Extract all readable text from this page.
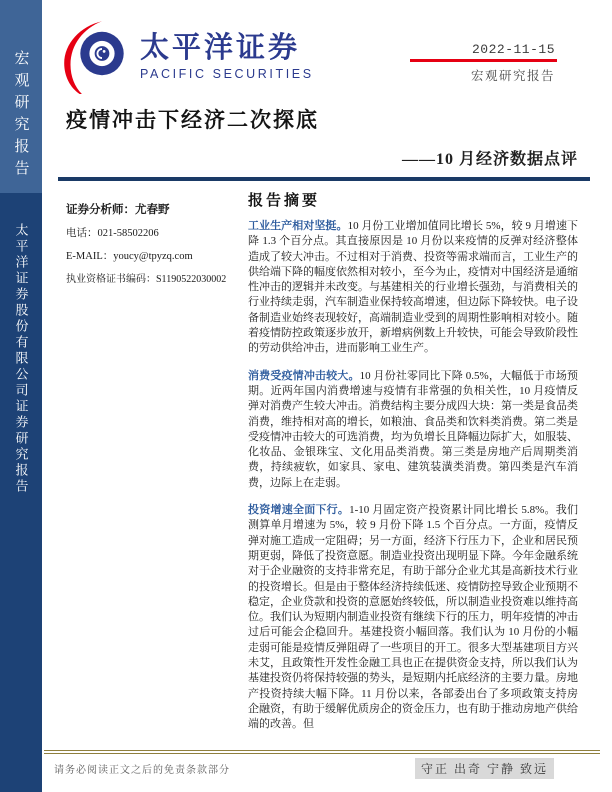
宏观研究报告
太平洋证券股份有限公司证券研究报告
太平洋证券
PACIFIC SECURITIES
2022-11-15
宏观研究报告
疫情冲击下经济二次探底
——10 月经济数据点评
证券分析师：尤春野
电话：021-58502206
E-MAIL：youcy@tpyzq.com
执业资格证书编码：S1190522030002
报告摘要

工业生产相对坚挺。10 月份工业增加值同比增长 5%，较 9 月增速下降 1.3 个百分点。其直接原因是 10 月份以来疫情的反弹对经济整体造成了较大冲击。不过相对于消费、投资等需求端而言，工业生产的供给端下降的幅度依然相对较小，至今为止，疫情对中国经济是通缩性冲击的逻辑并未改变。与基建相关的行业增长强劲，与消费相关的行业持续走弱，汽车制造业保持较高增速，但边际下降较快。电子设备制造业始终表现较好，高端制造业受到的周期性影响相对较小。随着疫情防控政策逐步放开，新增病例数上升较快，可能会导致阶段性的劳动供给冲击，进而影响工业生产。

消费受疫情冲击较大。10 月份社零同比下降 0.5%，大幅低于市场预期。近两年国内消费增速与疫情有非常强的负相关性，10 月疫情反弹对消费产生较大冲击。消费结构主要分成四大块：第一类是食品类消费，维持相对高的增长，如粮油、食品类和饮料类消费。第二类是受疫情冲击较大的可选消费，均为负增长且降幅边际扩大，如服装、化妆品、金银珠宝、文化用品类消费。第三类是房地产后周期类消费，持续疲软，如家具、家电、建筑装潢类消费。第四类是汽车消费，边际上在走弱。

投资增速全面下行。1-10 月固定资产投资累计同比增长 5.8%。我们测算单月增速为 5%，较 9 月份下降 1.5 个百分点。一方面，疫情反弹对施工造成一定阻碍；另一方面，经济下行压力下，企业和居民预期更弱，降低了投资意愿。制造业投资出现明显下降。今年金融系统对于企业融资的支持非常充足，有助于部分企业尤其是高新技术行业的投资增长。但是由于整体经济持续低迷、疫情防控导致企业预期不稳定，企业贷款和投资的意愿始终较低，所以制造业投资难以维持高位。我们认为短期内制造业投资有继续下行的压力，明年疫情的冲击过后可能会企稳回升。基建投资小幅回落。我们认为 10 月份的小幅走弱可能是疫情反弹阻碍了一些项目的开工。很多大型基建项目方兴未艾，且政策性开发性金融工具也正在提供资金支持，所以我们认为基建投资仍将保持较强的势头，是短期内托底经济的主要力量。房地产投资持续大幅下降。11 月份以来，各部委出台了多项政策支持房企融资，有助于缓解优质房企的资金压力，也有助于推动房地产供给端的改善。但

请务必阅读正文之后的免责条款部分	守正 出奇 宁静 致远
